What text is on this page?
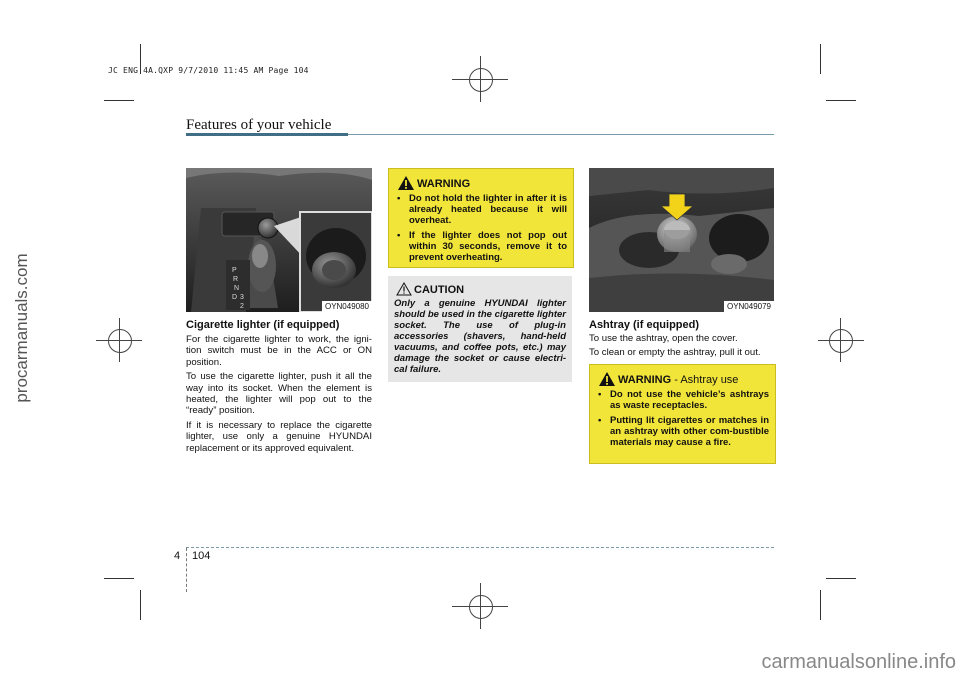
JC ENG 4A.QXP 9/7/2010 11:45 AM Page 104
procarmanuals.com
carmanualsonline.info
Features of your vehicle
P
R
N
D 3
2	OYN049080
Cigarette lighter (if equipped)

For the cigarette lighter to work, the igni-tion switch must be in the ACC or ON position.

To use the cigarette lighter, push it all the way into its socket. When the element is heated, the lighter will pop out to the “ready” position.

If it is necessary to replace the cigarette lighter, use only a genuine HYUNDAI replacement or its approved equivalent.

WARNING
• Do not hold the lighter in after it is already heated because it will overheat.
• If the lighter does not pop out within 30 seconds, remove it to prevent overheating.
CAUTION
Only a genuine HYUNDAI lighter should be used in the cigarette lighter socket. The use of plug-in accessories (shavers, hand-held vacuums, and coffee pots, etc.) may damage the socket or cause electri-cal failure.
OYN049079
Ashtray (if equipped)

To use the ashtray, open the cover.

To clean or empty the ashtray, pull it out.

WARNING - Ashtray use
• Do not use the vehicle’s ashtrays as waste receptacles.
• Putting lit cigarettes or matches in an ashtray with other com-bustible materials may cause a fire.
4 104
